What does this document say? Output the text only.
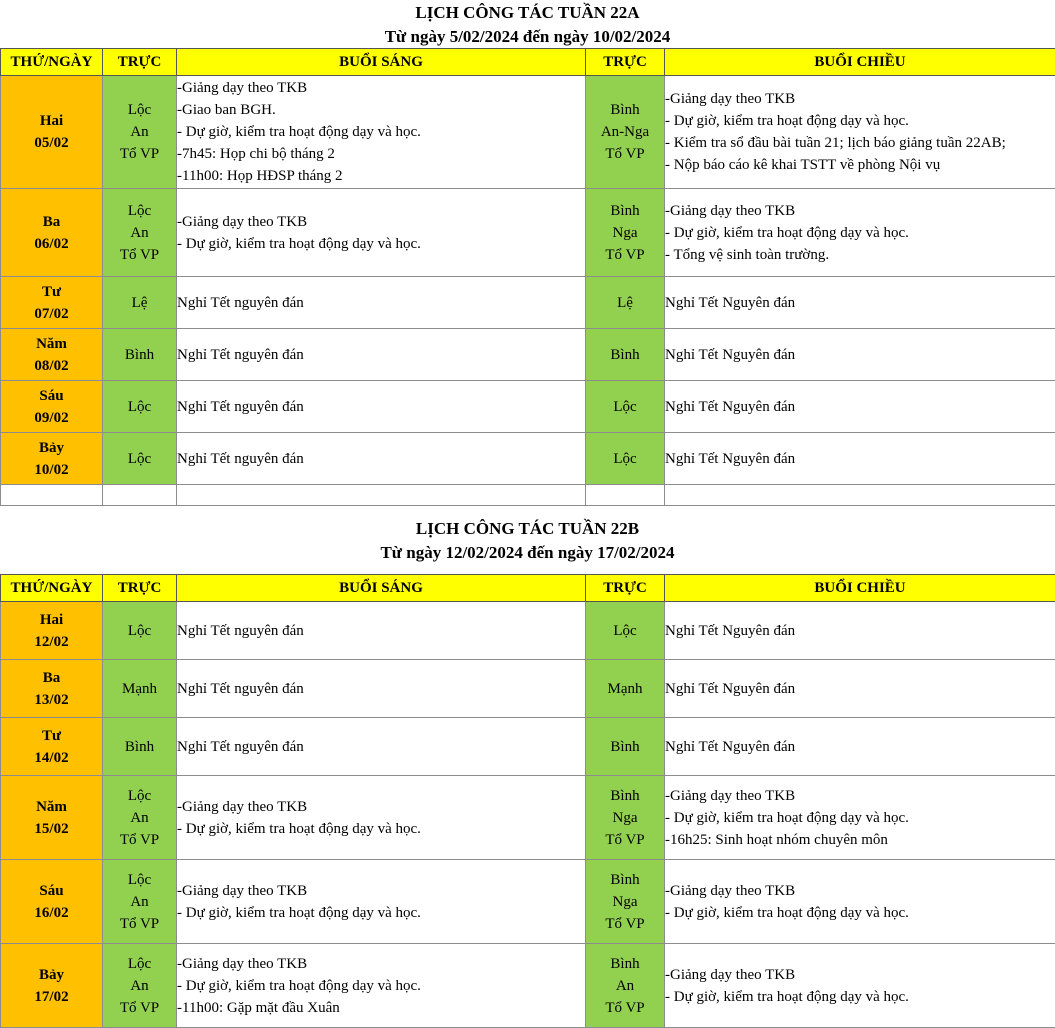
LỊCH CÔNG TÁC TUẦN 22A
Từ ngày 5/02/2024 đến ngày 10/02/2024
THỨ/NGÀY	TRỰC	BUỔI SÁNG	TRỰC	BUỔI CHIỀU

Hai
05/02	Lộc
An
Tổ VP	-Giảng dạy theo TKB
-Giao ban BGH.
- Dự giờ, kiểm tra hoạt động dạy và học.
-7h45: Họp chi bộ tháng 2
-11h00: Họp HĐSP tháng 2	Bình
An-Nga
Tổ VP	-Giảng dạy theo TKB
- Dự giờ, kiểm tra hoạt động dạy và học.
- Kiểm tra sổ đầu bài tuần 21; lịch báo giảng tuần 22AB;
- Nộp báo cáo kê khai TSTT về phòng Nội vụ

Ba
06/02	Lộc
An
Tổ VP	-Giảng dạy theo TKB
- Dự giờ, kiểm tra hoạt động dạy và học.	Bình
Nga
Tổ VP	-Giảng dạy theo TKB
- Dự giờ, kiểm tra hoạt động dạy và học.
- Tổng vệ sinh toàn trường.

Tư
07/02	Lệ	Nghỉ Tết nguyên đán	Lệ	Nghỉ Tết Nguyên đán

Năm
08/02	Bình	Nghỉ Tết nguyên đán	Bình	Nghỉ Tết Nguyên đán

Sáu
09/02	Lộc	Nghỉ Tết nguyên đán	Lộc	Nghỉ Tết Nguyên đán

Bảy
10/02	Lộc	Nghỉ Tết nguyên đán	Lộc	Nghỉ Tết Nguyên đán

LỊCH CÔNG TÁC TUẦN 22B
Từ ngày 12/02/2024 đến ngày 17/02/2024
THỨ/NGÀY	TRỰC	BUỔI SÁNG	TRỰC	BUỔI CHIỀU

Hai
12/02	Lộc	Nghỉ Tết nguyên đán	Lộc	Nghỉ Tết Nguyên đán

Ba
13/02	Mạnh	Nghỉ Tết nguyên đán	Mạnh	Nghỉ Tết Nguyên đán

Tư
14/02	Bình	Nghỉ Tết nguyên đán	Bình	Nghỉ Tết Nguyên đán

Năm
15/02	Lộc
An
Tổ VP	-Giảng dạy theo TKB
- Dự giờ, kiểm tra hoạt động dạy và học.	Bình
Nga
Tổ VP	-Giảng dạy theo TKB
- Dự giờ, kiểm tra hoạt động dạy và học.
-16h25: Sinh hoạt nhóm chuyên môn

Sáu
16/02	Lộc
An
Tổ VP	-Giảng dạy theo TKB
- Dự giờ, kiểm tra hoạt động dạy và học.	Bình
Nga
Tổ VP	-Giảng dạy theo TKB
- Dự giờ, kiểm tra hoạt động dạy và học.

Bảy
17/02	Lộc
An
Tổ VP	-Giảng dạy theo TKB
- Dự giờ, kiểm tra hoạt động dạy và học.
-11h00: Gặp mặt đầu Xuân	Bình
An
Tổ VP	-Giảng dạy theo TKB
- Dự giờ, kiểm tra hoạt động dạy và học.
